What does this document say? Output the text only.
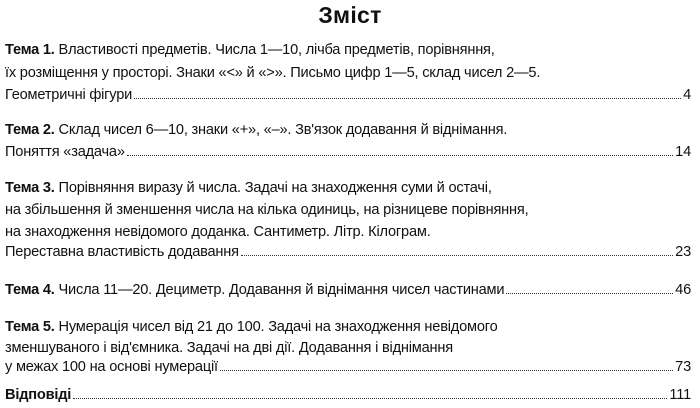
Зміст
Тема 1. Властивості предметів. Числа 1—10, лічба предметів, порівняння,
їх розміщення у просторі. Знаки «<» й «>». Письмо цифр 1—5, склад чисел 2—5.
Геометричні фігури	4
Тема 2. Склад чисел 6—10, знаки «+», «–». Зв'язок додавання й віднімання.
Поняття «задача»	14
Тема 3. Порівняння виразу й числа. Задачі на знаходження суми й остачі,
на збільшення й зменшення числа на кілька одиниць, на різницеве порівняння,
на знаходження невідомого доданка. Сантиметр. Літр. Кілограм.
Переставна властивість додавання	23
Тема 4. Числа 11—20. Дециметр. Додавання й віднімання чисел частинами	46
Тема 5. Нумерація чисел від 21 до 100. Задачі на знаходження невідомого
зменшуваного і від'ємника. Задачі на дві дії. Додавання і віднімання
у межах 100 на основі нумерації	73
Відповіді	111
